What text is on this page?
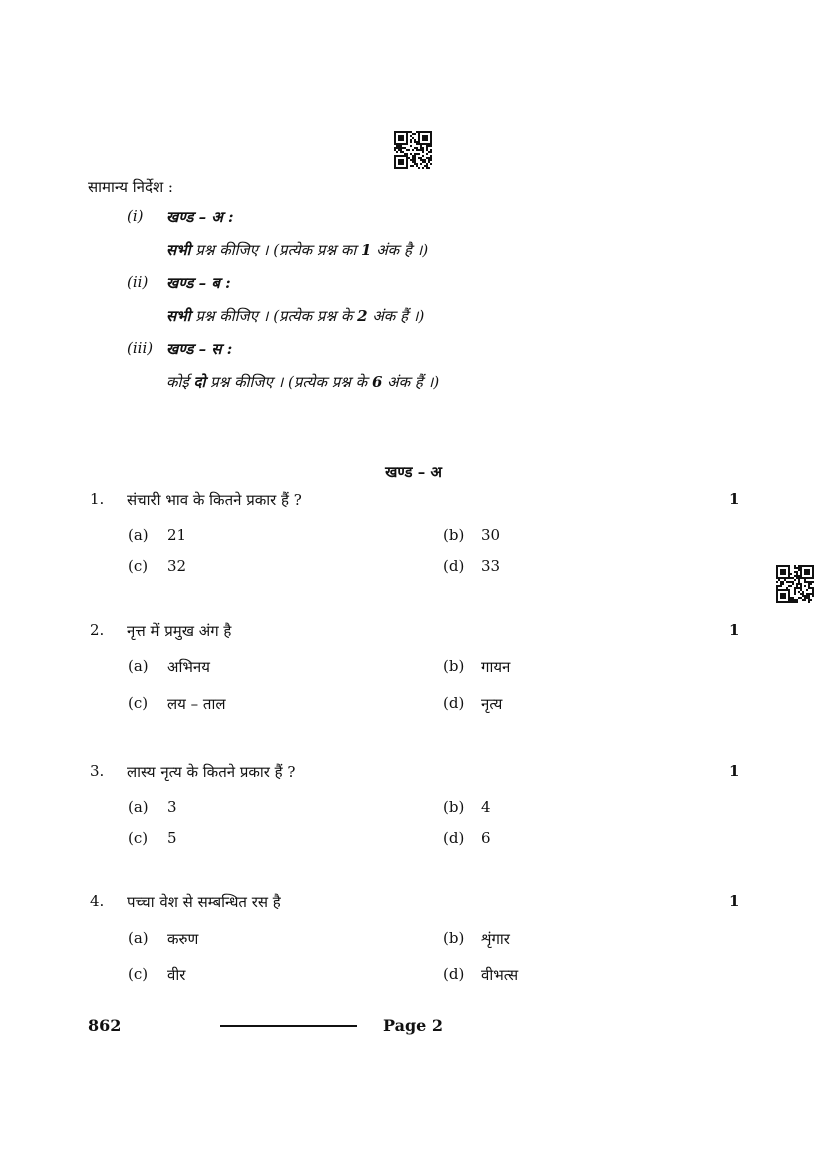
सामान्य निर्देश :
(i) खण्ड – अ :
सभी प्रश्न कीजिए । (प्रत्येक प्रश्न का 1 अंक है ।)
(ii) खण्ड – ब :
सभी प्रश्न कीजिए । (प्रत्येक प्रश्न के 2 अंक हैं ।)
(iii) खण्ड – स :
कोई दो प्रश्न कीजिए । (प्रत्येक प्रश्न के 6 अंक हैं ।)
खण्ड – अ
1. संचारी भाव के कितने प्रकार हैं ?	1
(a) 21	(b) 30
(c) 32	(d) 33
2. नृत्त में प्रमुख अंग है	1
(a) अभिनय	(b) गायन
(c) लय – ताल	(d) नृत्य
3. लास्य नृत्य के कितने प्रकार हैं ?	1
(a) 3	(b) 4
(c) 5	(d) 6
4. पच्चा वेश से सम्बन्धित रस है	1
(a) करुण	(b) शृंगार
(c) वीर	(d) वीभत्स
862	Page 2
